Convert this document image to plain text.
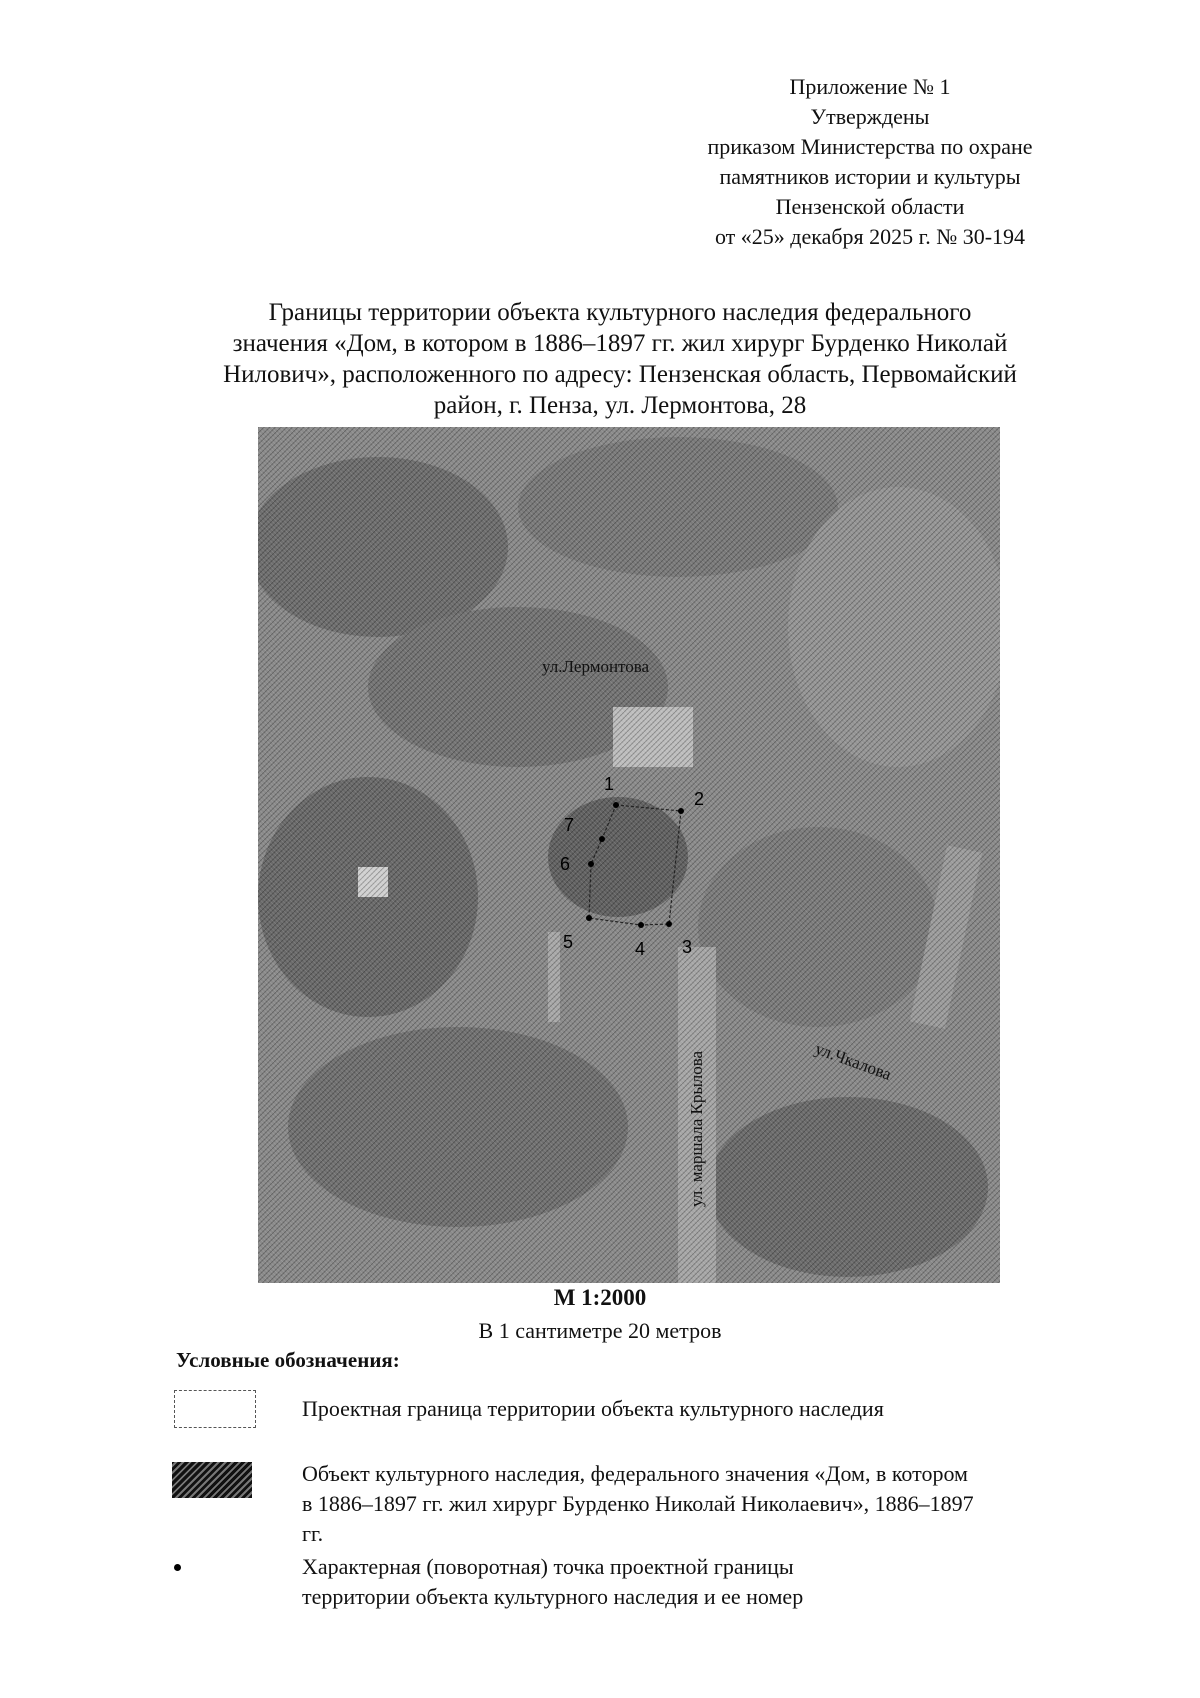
Приложение № 1
Утверждены
приказом Министерства по охране
памятников истории и культуры
Пензенской области
от «25» декабря 2025 г. № 30-194
Границы территории объекта культурного наследия федерального
значения «Дом, в котором в 1886–1897 гг. жил хирург Бурденко Николай
Нилович», расположенного по адресу: Пензенская область, Первомайский
район, г. Пенза, ул. Лермонтова, 28
1
2
3
4
5
6
7
ул.Лермонтова
ул. маршала Крылова	ул.Чкалова
М 1:2000
В 1 сантиметре 20 метров
Условные обозначения:
Проектная граница территории объекта культурного наследия
Объект культурного наследия, федерального значения «Дом, в котором
в 1886–1897 гг. жил хирург Бурденко Николай Николаевич», 1886–1897
гг.
Характерная (поворотная) точка проектной границы
территории объекта культурного наследия и ее номер
